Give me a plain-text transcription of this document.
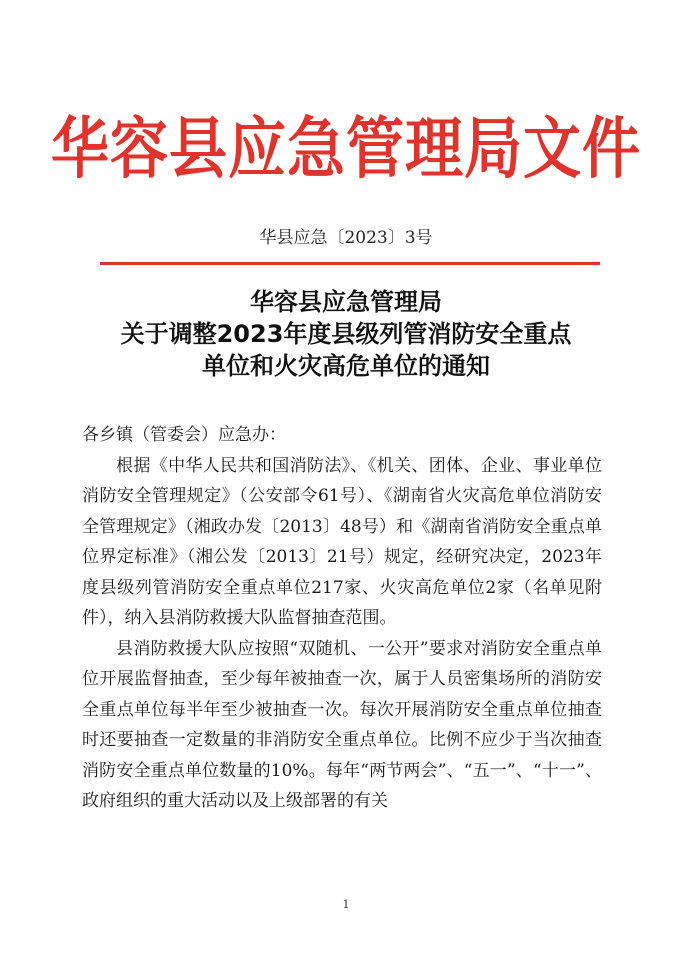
华容县应急管理局文件
华县应急〔2023〕3号
华容县应急管理局
关于调整2023年度县级列管消防安全重点
单位和火灾高危单位的通知

各乡镇（管委会）应急办：

根据《中华人民共和国消防法》、《机关、团体、企业、事业单位消防安全管理规定》（公安部令61号）、《湖南省火灾高危单位消防安全管理规定》（湘政办发〔2013〕48号）和《湖南省消防安全重点单位界定标准》（湘公发〔2013〕21号）规定，经研究决定，2023年度县级列管消防安全重点单位217家、火灾高危单位2家（名单见附件），纳入县消防救援大队监督抽查范围。

县消防救援大队应按照“双随机、一公开”要求对消防安全重点单位开展监督抽查，至少每年被抽查一次，属于人员密集场所的消防安全重点单位每半年至少被抽查一次。每次开展消防安全重点单位抽查时还要抽查一定数量的非消防安全重点单位。比例不应少于当次抽查消防安全重点单位数量的10%。每年“两节两会”、“五一”、“十一”、政府组织的重大活动以及上级部署的有关

1
